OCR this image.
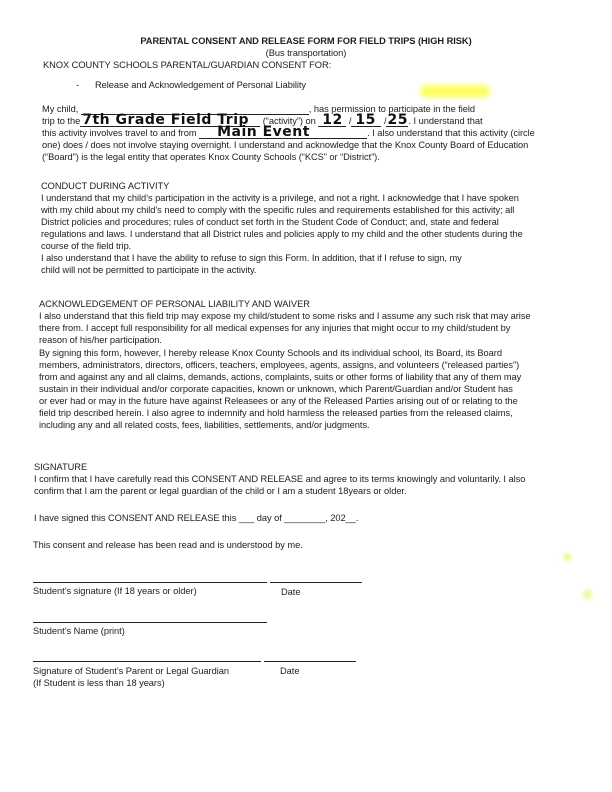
PARENTAL CONSENT AND RELEASE FORM FOR FIELD TRIPS (HIGH RISK)
(Bus transportation)
KNOX COUNTY SCHOOLS PARENTAL/GUARDIAN CONSENT FOR:
- Release and Acknowledgement of Personal Liability
My child,	, has permission to participate in the field
trip to the 7th Grade Field Trip (“activity”) on 12 / 15 / 25 . I understand that
this activity involves travel to and from Main Event	. I also understand that this activity (circle
one) does / does not involve staying overnight. I understand and acknowledge that the Knox County Board of Education
(“Board”) is the legal entity that operates Knox County Schools (“KCS” or “District”).
CONDUCT DURING ACTIVITY
I understand that my child’s participation in the activity is a privilege, and not a right. I acknowledge that I have spoken
with my child about my child’s need to comply with the specific rules and requirements established for this activity; all
District policies and procedures; rules of conduct set forth in the Student Code of Conduct; and, state and federal
regulations and laws. I understand that all District rules and policies apply to my child and the other students during the
course of the field trip.
I also understand that I have the ability to refuse to sign this Form. In addition, that if I refuse to sign, my
child will not be permitted to participate in the activity.
ACKNOWLEDGEMENT OF PERSONAL LIABILITY AND WAIVER
I also understand that this field trip may expose my child/student to some risks and I assume any such risk that may arise
there from. I accept full responsibility for all medical expenses for any injuries that might occur to my child/student by
reason of his/her participation.
By signing this form, however, I hereby release Knox County Schools and its individual school, its Board, its Board
members, administrators, directors, officers, teachers, employees, agents, assigns, and volunteers (“released parties”)
from and against any and all claims, demands, actions, complaints, suits or other forms of liability that any of them may
sustain in their individual and/or corporate capacities, known or unknown, which Parent/Guardian and/or Student has
or ever had or may in the future have against Releasees or any of the Released Parties arising out of or relating to the
field trip described herein. I also agree to indemnify and hold harmless the released parties from the released claims,
including any and all related costs, fees, liabilities, settlements, and/or judgments.
SIGNATURE
I confirm that I have carefully read this CONSENT AND RELEASE and agree to its terms knowingly and voluntarily. I also
confirm that I am the parent or legal guardian of the child or I am a student 18years or older.
I have signed this CONSENT AND RELEASE this ___ day of ________, 202__.
This consent and release has been read and is understood by me.
Student’s signature (If 18 years or older)	Date
Student’s Name (print)
Signature of Student’s Parent or Legal Guardian	Date
(If Student is less than 18 years)
